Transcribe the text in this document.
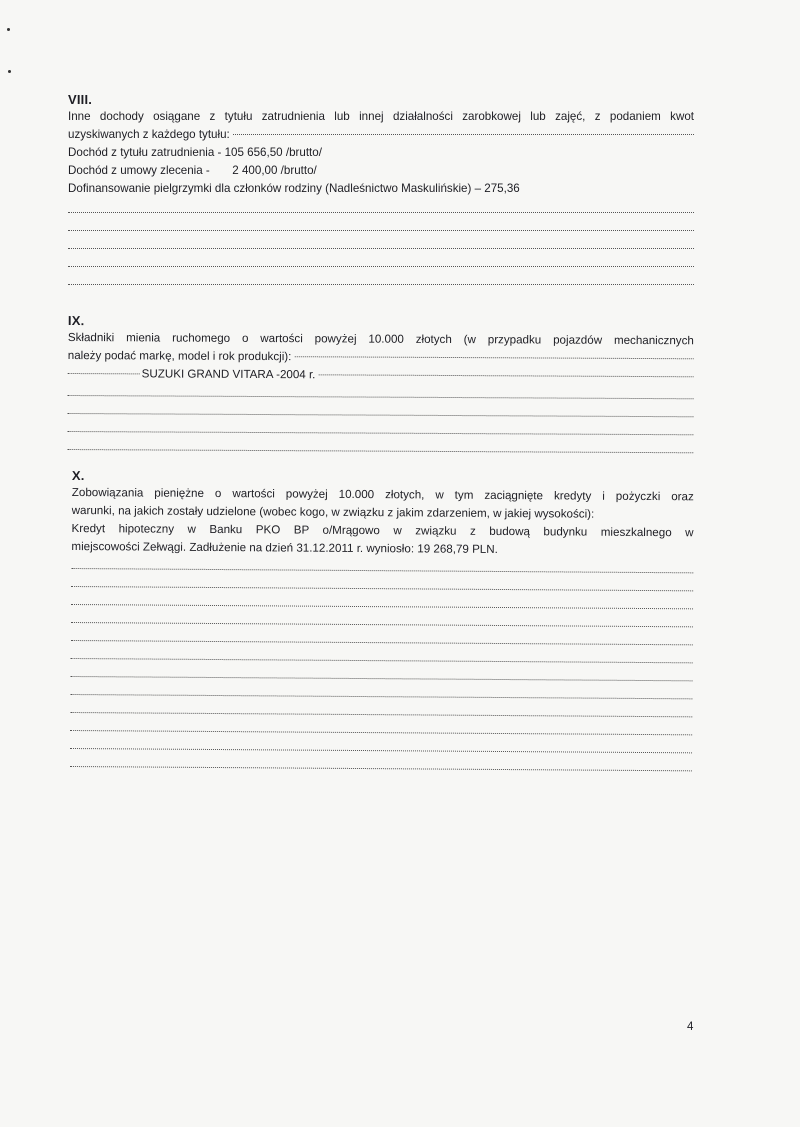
VIII.
Inne dochody osiągane z tytułu zatrudnienia lub innej działalności zarobkowej lub zajęć, z podaniem kwot
uzyskiwanych z każdego tytułu:
Dochód z tytułu zatrudnienia - 105 656,50 /brutto/
Dochód z umowy zlecenia -       2 400,00 /brutto/
Dofinansowanie pielgrzymki dla członków rodziny (Nadleśnictwo Maskulińskie) – 275,36
IX.
Składniki mienia ruchomego o wartości powyżej 10.000 złotych (w przypadku pojazdów mechanicznych
należy podać markę, model i rok produkcji):
SUZUKI GRAND VITARA -2004 r.
X.
Zobowiązania pieniężne o wartości powyżej 10.000 złotych, w tym zaciągnięte kredyty i pożyczki oraz
warunki, na jakich zostały udzielone (wobec kogo, w związku z jakim zdarzeniem, w jakiej wysokości):
Kredyt hipoteczny w Banku PKO BP o/Mrągowo w związku z budową budynku mieszkalnego w
miejscowości Zełwągi. Zadłużenie na dzień 31.12.2011 r. wyniosło: 19 268,79 PLN.
4
